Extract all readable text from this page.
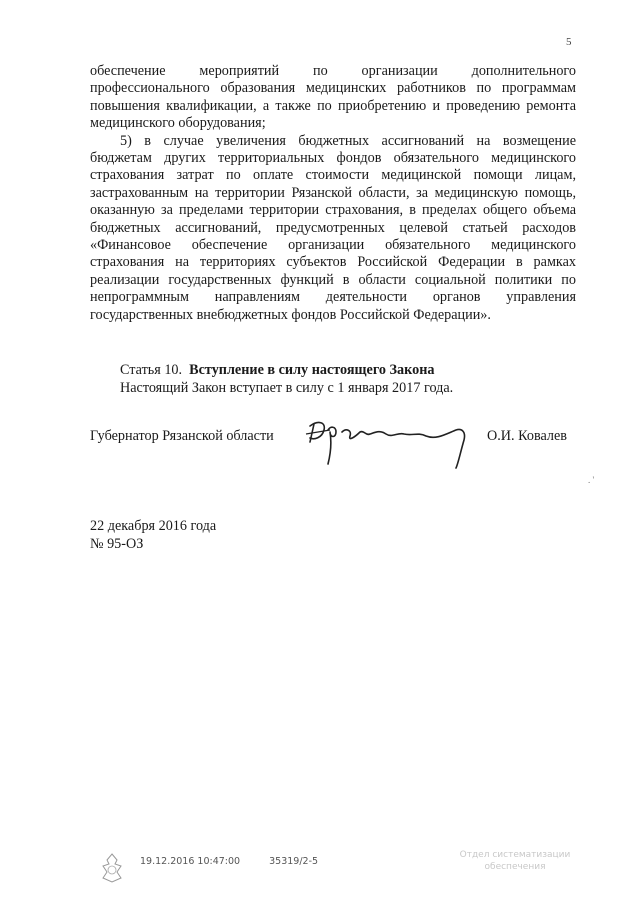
5

обеспечение мероприятий по организации дополнительного профессионального образования медицинских работников по программам повышения квалификации, а также по приобретению и проведению ремонта медицинского оборудования;

5) в случае увеличения бюджетных ассигнований на возмещение бюджетам других территориальных фондов обязательного медицинского страхования затрат по оплате стоимости медицинской помощи лицам, застрахованным на территории Рязанской области, за медицинскую помощь, оказанную за пределами территории страхования, в пределах общего объема бюджетных ассигнований, предусмотренных целевой статьей расходов «Финансовое обеспечение организации обязательного медицинского страхования на территориях субъектов Российской Федерации в рамках реализации государственных функций в области социальной политики по непрограммным направлениям деятельности органов управления государственных внебюджетных фондов Российской Федерации».

Статья 10. Вступление в силу настоящего Закона

Настоящий Закон вступает в силу с 1 января 2017 года.

Губернатор Рязанской области	О.И. Ковалев
. '

22 декабря 2016 года

№ 95-ОЗ

19.12.2016 10:47:00	35319/2-5
Отдел систематизации
обеспечения
